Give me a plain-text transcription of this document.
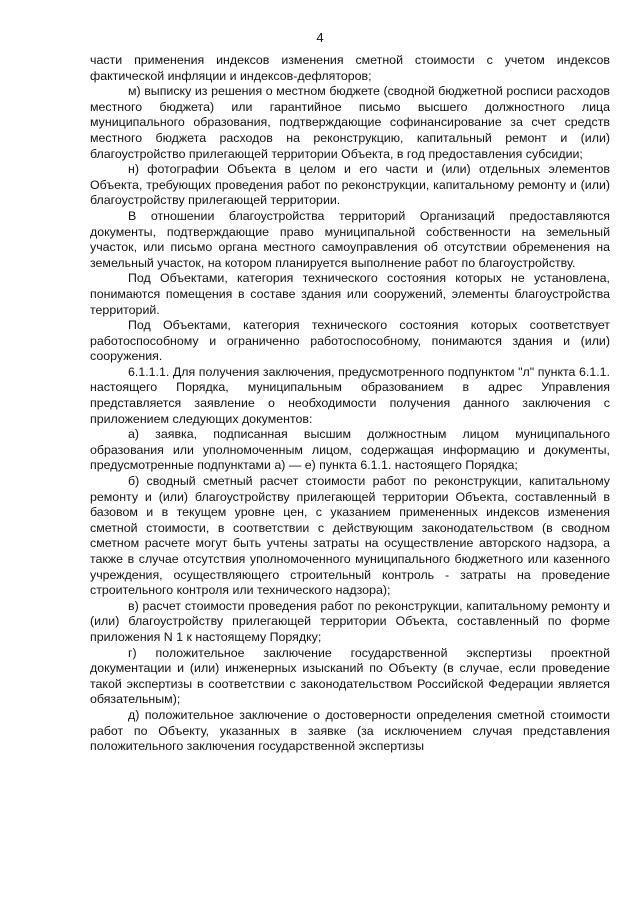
4

части применения индексов изменения сметной стоимости с учетом индексов фактической инфляции и индексов-дефляторов;

м) выписку из решения о местном бюджете (сводной бюджетной росписи расходов местного бюджета) или гарантийное письмо высшего должностного лица муниципального образования, подтверждающие софинансирование за счет средств местного бюджета расходов на реконструкцию, капитальный ремонт и (или) благоустройство прилегающей территории Объекта, в год предоставления субсидии;

н) фотографии Объекта в целом и его части и (или) отдельных элементов Объекта, требующих проведения работ по реконструкции, капитальному ремонту и (или) благоустройству прилегающей территории.

В отношении благоустройства территорий Организаций предоставляются документы, подтверждающие право муниципальной собственности на земельный участок, или письмо органа местного самоуправления об отсутствии обременения на земельный участок, на котором планируется выполнение работ по благоустройству.

Под Объектами, категория технического состояния которых не установлена, понимаются помещения в составе здания или сооружений, элементы благоустройства территорий.

Под Объектами, категория технического состояния которых соответствует работоспособному и ограниченно работоспособному, понимаются здания и (или) сооружения.

6.1.1.1. Для получения заключения, предусмотренного подпунктом "л" пункта 6.1.1. настоящего Порядка, муниципальным образованием в адрес Управления представляется заявление о необходимости получения данного заключения с приложением следующих документов:

а) заявка, подписанная высшим должностным лицом муниципального образования или уполномоченным лицом, содержащая информацию и документы, предусмотренные подпунктами а) — е) пункта 6.1.1. настоящего Порядка;

б) сводный сметный расчет стоимости работ по реконструкции, капитальному ремонту и (или) благоустройству прилегающей территории Объекта, составленный в базовом и в текущем уровне цен, с указанием примененных индексов изменения сметной стоимости, в соответствии с действующим законодательством (в сводном сметном расчете могут быть учтены затраты на осуществление авторского надзора, а также в случае отсутствия уполномоченного муниципального бюджетного или казенного учреждения, осуществляющего строительный контроль - затраты на проведение строительного контроля или технического надзора);

в) расчет стоимости проведения работ по реконструкции, капитальному ремонту и (или) благоустройству прилегающей территории Объекта, составленный по форме приложения N 1 к настоящему Порядку;

г) положительное заключение государственной экспертизы проектной документации и (или) инженерных изысканий по Объекту (в случае, если проведение такой экспертизы в соответствии с законодательством Российской Федерации является обязательным);

д) положительное заключение о достоверности определения сметной стоимости работ по Объекту, указанных в заявке (за исключением случая представления положительного заключения государственной экспертизы
